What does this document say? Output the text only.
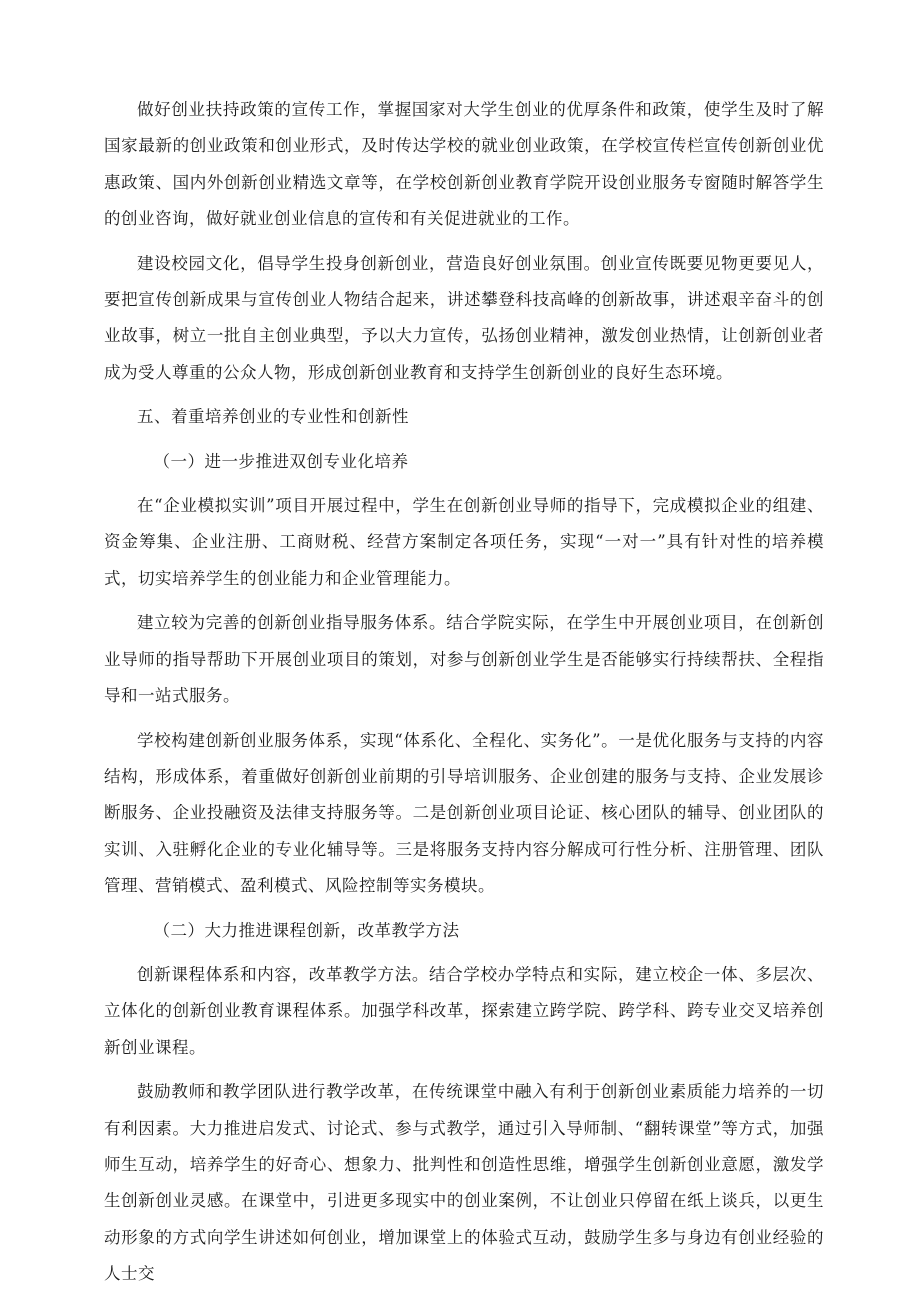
做好创业扶持政策的宣传工作，掌握国家对大学生创业的优厚条件和政策，使学生及时了解国家最新的创业政策和创业形式，及时传达学校的就业创业政策，在学校宣传栏宣传创新创业优惠政策、国内外创新创业精选文章等，在学校创新创业教育学院开设创业服务专窗随时解答学生的创业咨询，做好就业创业信息的宣传和有关促进就业的工作。

建设校园文化，倡导学生投身创新创业，营造良好创业氛围。创业宣传既要见物更要见人，要把宣传创新成果与宣传创业人物结合起来，讲述攀登科技高峰的创新故事，讲述艰辛奋斗的创业故事，树立一批自主创业典型，予以大力宣传，弘扬创业精神，激发创业热情，让创新创业者成为受人尊重的公众人物，形成创新创业教育和支持学生创新创业的良好生态环境。

五、着重培养创业的专业性和创新性

（一）进一步推进双创专业化培养

在“企业模拟实训”项目开展过程中，学生在创新创业导师的指导下，完成模拟企业的组建、资金筹集、企业注册、工商财税、经营方案制定各项任务，实现“一对一”具有针对性的培养模式，切实培养学生的创业能力和企业管理能力。

建立较为完善的创新创业指导服务体系。结合学院实际，在学生中开展创业项目，在创新创业导师的指导帮助下开展创业项目的策划，对参与创新创业学生是否能够实行持续帮扶、全程指导和一站式服务。

学校构建创新创业服务体系，实现“体系化、全程化、实务化”。一是优化服务与支持的内容结构，形成体系，着重做好创新创业前期的引导培训服务、企业创建的服务与支持、企业发展诊断服务、企业投融资及法律支持服务等。二是创新创业项目论证、核心团队的辅导、创业团队的实训、入驻孵化企业的专业化辅导等。三是将服务支持内容分解成可行性分析、注册管理、团队管理、营销模式、盈利模式、风险控制等实务模块。

（二）大力推进课程创新，改革教学方法

创新课程体系和内容，改革教学方法。结合学校办学特点和实际，建立校企一体、多层次、立体化的创新创业教育课程体系。加强学科改革，探索建立跨学院、跨学科、跨专业交叉培养创新创业课程。

鼓励教师和教学团队进行教学改革，在传统课堂中融入有利于创新创业素质能力培养的一切有利因素。大力推进启发式、讨论式、参与式教学，通过引入导师制、“翻转课堂”等方式，加强师生互动，培养学生的好奇心、想象力、批判性和创造性思维，增强学生创新创业意愿，激发学生创新创业灵感。在课堂中，引进更多现实中的创业案例，不让创业只停留在纸上谈兵，以更生动形象的方式向学生讲述如何创业，增加课堂上的体验式互动，鼓励学生多与身边有创业经验的人士交
